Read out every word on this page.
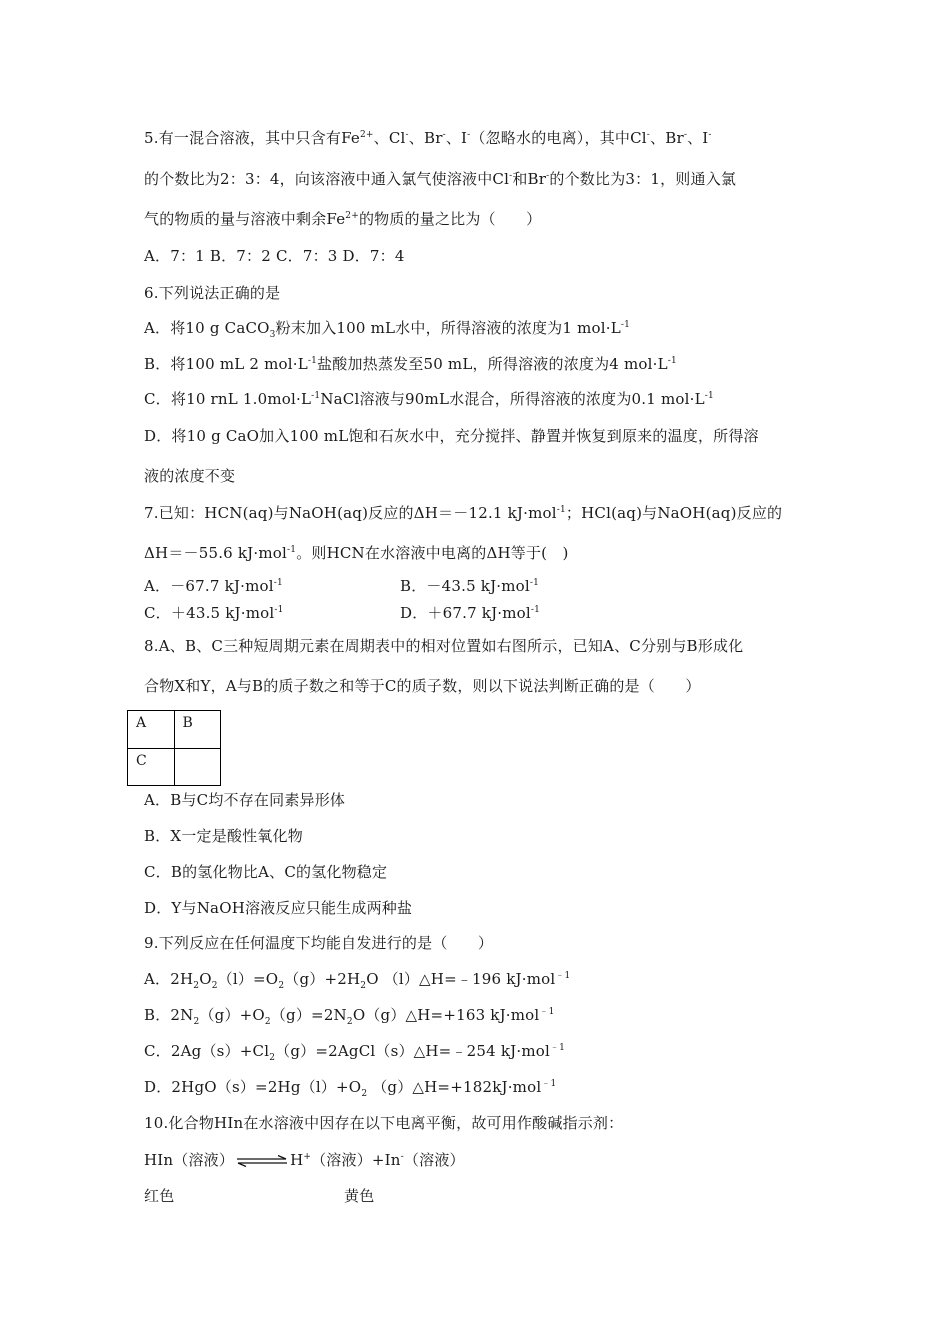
5.有一混合溶液，其中只含有$Fe^{2+}$、Cl-、Br-、I-（忽略水的电离），其中Cl-、Br-、I-
的个数比为2：3：4，向该溶液中通入氯气使溶液中Cl-和Br-的个数比为3：1，则通入氯
气的物质的量与溶液中剩余$Fe^{2+}$的物质的量之比为（　　）
A．7：1 B．7：2 C．7：3 D．7：4
6.下列说法正确的是
A．将10 g CaCO$_3$粉末加入100 mL水中，所得溶液的浓度为1 $mol\cdot L^{-1}$
B．将100 mL 2 $mol\cdot L^{-1}$盐酸加热蒸发至50 mL，所得溶液的浓度为4 $mol\cdot L^{-1}$
C．将10 rnL $1.0mol\cdot L^{-1}NaCl$溶液与90mL水混合，所得溶液的浓度为0.1 $mol\cdot L^{-1}$
D．将10 g CaO加入100 mL饱和石灰水中，充分搅拌、静置并恢复到原来的温度，所得溶
液的浓度不变
7.已知：HCN(aq)与NaOH(aq)反应的ΔH＝－12.1 kJ·mol$^{-1}$；HCl(aq)与NaOH(aq)反应的
ΔH＝－55.6 kJ·mol$^{-1}$。则HCN在水溶液中电离的ΔH等于(　)
A．－67.7 kJ·mol$^{-1}$	B．－43.5 kJ·mol$^{-1}$
C．＋43.5 kJ·mol$^{-1}$	D．＋67.7 kJ·mol$^{-1}$
8.A、B、C三种短周期元素在周期表中的相对位置如右图所示，已知A、C分别与B形成化
合物X和Y，A与B的质子数之和等于C的质子数，则以下说法判断正确的是（　　）
A	B
C	
A．B与C均不存在同素异形体
B．X一定是酸性氧化物
C．B的氢化物比A、C的氢化物稳定
D．Y与NaOH溶液反应只能生成两种盐
9.下列反应在任何温度下均能自发进行的是（　　）
A．$2H_2O_2(l)=O_2(g)+2H_2O$ （l）△H=﹣196 kJ·mol$^{﹣1}$
B．$2N_2(g)+O_2(g)=2N_2O(g)\triangle H=+163$ kJ·mol$^{﹣1}$
C．$2Ag(s)+Cl_2(g)=2AgCl(s)\triangle H=﹣254$ kJ·mol$^{﹣1}$
D．$2HgO(s)=2Hg(l)+O_2$ （g）△H=+182kJ·mol$^{﹣1}$
10.化合物HIn在水溶液中因存在以下电离平衡，故可用作酸碱指示剂：
HIn（溶液） ⇌ H+（溶液）+In-（溶液）
红色	黄色
